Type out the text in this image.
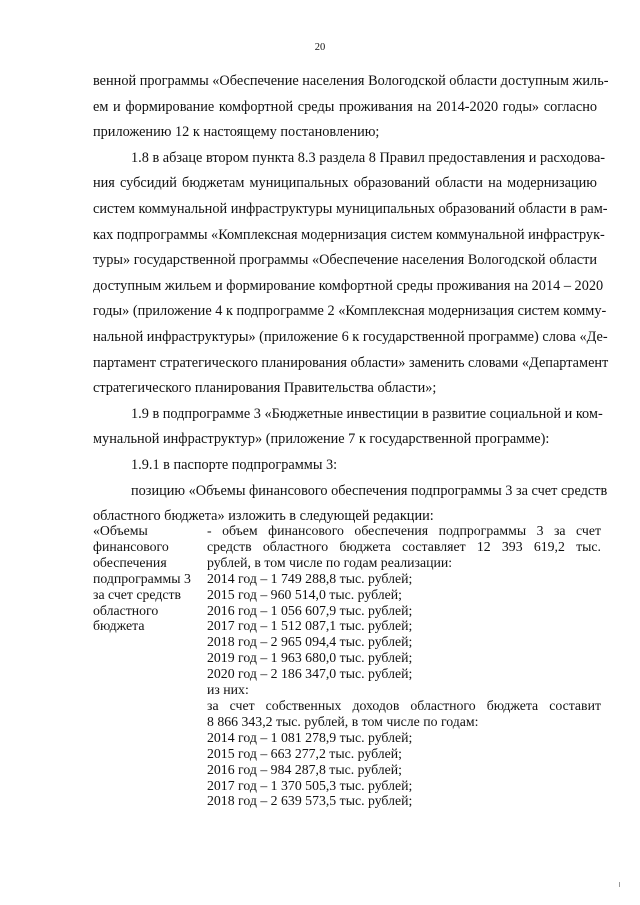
20
венной программы «Обеспечение населения Вологодской области доступным жиль-
ем и формирование комфортной среды проживания на 2014-2020 годы» согласно
приложению 12 к настоящему постановлению;
1.8 в абзаце втором пункта 8.3 раздела 8 Правил предоставления и расходова-
ния субсидий бюджетам муниципальных образований области на модернизацию
систем коммунальной инфраструктуры муниципальных образований области в рам-
ках подпрограммы «Комплексная модернизация систем коммунальной инфраструк-
туры» государственной программы «Обеспечение населения Вологодской области
доступным жильем и формирование комфортной среды проживания на 2014 – 2020
годы» (приложение 4 к подпрограмме 2 «Комплексная модернизация систем комму-
нальной инфраструктуры» (приложение 6 к государственной программе) слова «Де-
партамент стратегического планирования области» заменить словами «Департамент
стратегического планирования Правительства области»;
1.9 в подпрограмме 3 «Бюджетные инвестиции в развитие социальной и ком-
мунальной инфраструктур» (приложение 7 к государственной программе):
1.9.1 в паспорте подпрограммы 3:
позицию «Объемы финансового обеспечения подпрограммы 3 за счет средств
областного бюджета» изложить в следующей редакции:
«Объемы
финансового
обеспечения
подпрограммы 3
за счет средств
областного
бюджета
- объем финансового обеспечения подпрограммы 3 за счет
средств областного бюджета составляет 12 393 619,2 тыс.
рублей, в том числе по годам реализации:
2014 год – 1 749 288,8 тыс. рублей;
2015 год – 960 514,0 тыс. рублей;
2016 год – 1 056 607,9 тыс. рублей;
2017 год – 1 512 087,1 тыс. рублей;
2018 год – 2 965 094,4 тыс. рублей;
2019 год – 1 963 680,0 тыс. рублей;
2020 год – 2 186 347,0 тыс. рублей;
из них:
за счет собственных доходов областного бюджета составит
8 866 343,2 тыс. рублей, в том числе по годам:
2014 год – 1 081 278,9 тыс. рублей;
2015 год – 663 277,2 тыс. рублей;
2016 год – 984 287,8 тыс. рублей;
2017 год – 1 370 505,3 тыс. рублей;
2018 год – 2 639 573,5 тыс. рублей;
